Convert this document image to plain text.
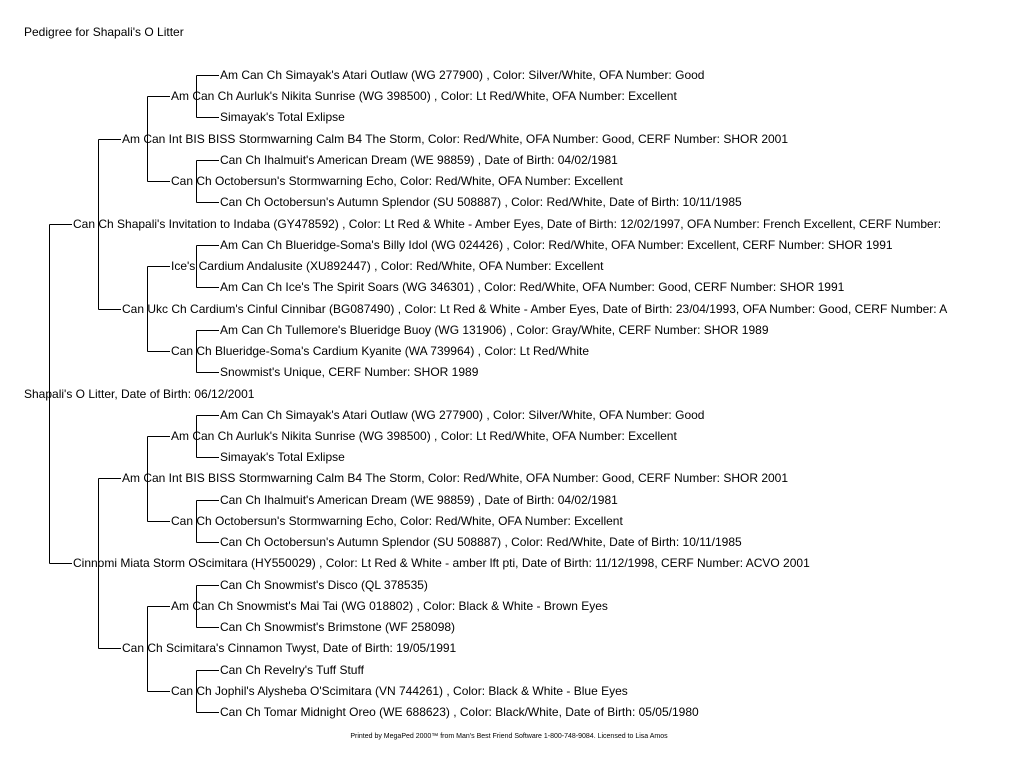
Pedigree for Shapali's O Litter
Shapali's O Litter, Date of Birth: 06/12/2001
Can Ch Shapali's Invitation to Indaba (GY478592) , Color: Lt Red & White - Amber Eyes, Date of Birth: 12/02/1997, OFA Number: French Excellent, CERF Number:
Cinnomi Miata Storm OScimitara (HY550029) , Color: Lt Red & White - amber lft pti, Date of Birth: 11/12/1998, CERF Number: ACVO 2001
Am Can Int BIS BISS Stormwarning Calm B4 The Storm, Color: Red/White, OFA Number: Good, CERF Number: SHOR 2001
Can Ukc Ch Cardium's Cinful Cinnibar (BG087490) , Color: Lt Red & White - Amber Eyes, Date of Birth: 23/04/1993, OFA Number: Good, CERF Number: A
Am Can Int BIS BISS Stormwarning Calm B4 The Storm, Color: Red/White, OFA Number: Good, CERF Number: SHOR 2001
Can Ch Scimitara's Cinnamon Twyst, Date of Birth: 19/05/1991
Am Can Ch Aurluk's Nikita Sunrise (WG 398500) , Color: Lt Red/White, OFA Number: Excellent
Can Ch Octobersun's Stormwarning Echo, Color: Red/White, OFA Number: Excellent
Ice's Cardium Andalusite (XU892447) , Color: Red/White, OFA Number: Excellent
Can Ch Blueridge-Soma's Cardium Kyanite (WA 739964) , Color: Lt Red/White
Am Can Ch Aurluk's Nikita Sunrise (WG 398500) , Color: Lt Red/White, OFA Number: Excellent
Can Ch Octobersun's Stormwarning Echo, Color: Red/White, OFA Number: Excellent
Am Can Ch Snowmist's Mai Tai (WG 018802) , Color: Black & White - Brown Eyes
Can Ch Jophil's Alysheba O'Scimitara (VN 744261) , Color: Black & White - Blue Eyes
Am Can Ch Simayak's Atari Outlaw (WG 277900) , Color: Silver/White, OFA Number: Good
Simayak's Total Exlipse
Can Ch Ihalmuit's American Dream (WE 98859) , Date of Birth: 04/02/1981
Can Ch Octobersun's Autumn Splendor (SU 508887) , Color: Red/White, Date of Birth: 10/11/1985
Am Can Ch Blueridge-Soma's Billy Idol (WG 024426) , Color: Red/White, OFA Number: Excellent, CERF Number: SHOR 1991
Am Can Ch Ice's The Spirit Soars (WG 346301) , Color: Red/White, OFA Number: Good, CERF Number: SHOR 1991
Am Can Ch Tullemore's Blueridge Buoy (WG 131906) , Color: Gray/White, CERF Number: SHOR 1989
Snowmist's Unique, CERF Number: SHOR 1989
Am Can Ch Simayak's Atari Outlaw (WG 277900) , Color: Silver/White, OFA Number: Good
Simayak's Total Exlipse
Can Ch Ihalmuit's American Dream (WE 98859) , Date of Birth: 04/02/1981
Can Ch Octobersun's Autumn Splendor (SU 508887) , Color: Red/White, Date of Birth: 10/11/1985
Can Ch Snowmist's Disco (QL 378535)
Can Ch Snowmist's Brimstone (WF 258098)
Can Ch Revelry's Tuff Stuff
Can Ch Tomar Midnight Oreo (WE 688623) , Color: Black/White, Date of Birth: 05/05/1980
Printed by MegaPed 2000™ from Man's Best Friend Software 1-800-748-9084. Licensed to Lisa Amos
